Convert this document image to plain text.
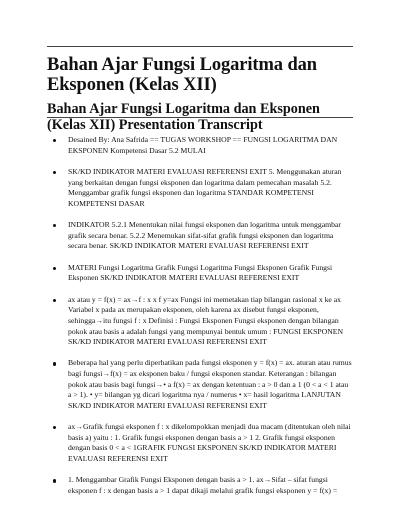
Bahan Ajar Fungsi Logaritma dan Eksponen (Kelas XII)
Bahan Ajar Fungsi Logaritma dan Eksponen (Kelas XII) Presentation Transcript
Desained By: Ana Safrida == TUGAS WORKSHOP == FUNGSI LOGARITMA DAN EKSPONEN Kompetensi Dasar 5.2 MULAI
SK/KD INDIKATOR MATERI EVALUASI REFERENSI EXIT 5. Menggunakan aturan yang berkaitan dengan fungsi eksponen dan logaritma dalam pemecahan masalah 5.2. Menggambar grafik fungsi eksponen dan logaritma STANDAR KOMPETENSI KOMPETENSI DASAR
INDIKATOR 5.2.1 Menentukan nilai fungsi eksponen dan logaritma untuk menggambar grafik secara benar. 5.2.2 Menemukan sifat-sifat grafik fungsi eksponen dan logaritma secara benar. SK/KD INDIKATOR MATERI EVALUASI REFERENSI EXIT
MATERI Fungsi Logaritma Grafik Fungsi Logaritma Fungsi Eksponen Grafik Fungsi Eksponen SK/KD INDIKATOR MATERI EVALUASI REFERENSI EXIT
ax atau y = f(x) = ax→f : x x f y=ax Fungsi ini memetakan tiap bilangan rasional x ke ax Variabel x pada ax merupakan eksponen, oleh karena ax disebut fungsi eksponen, sehingga→itu fungsi f : x Definisi : Fungsi Eksponen Fungsi eksponen dengan bilangan pokok atau basis a adalah fungsi yang mempunyai bentuk umum : FUNGSI EKSPONEN SK/KD INDIKATOR MATERI EVALUASI REFERENSI EXIT
Beberapa hal yang perlu diperhatikan pada fungsi eksponen y = f(x) = ax. aturan atau rumus bagi fungsi→f(x) = ax eksponen baku / fungsi eksponen standar. Keterangan : bilangan pokok atau basis bagi fungsi→• a f(x) = ax dengan ketentuan : a > 0 dan a 1 (0 < a < 1 atau a > 1). • y= bilangan yg dicari logaritma nya / numerus • x= hasil logaritma LANJUTAN SK/KD INDIKATOR MATERI EVALUASI REFERENSI EXIT
ax→Grafik fungsi eksponen f : x dikelompokkan menjadi dua macam (ditentukan oleh nilai basis a) yaitu : 1. Grafik fungsi eksponen dengan basis a > 1 2. Grafik fungsi eksponen dengan basis 0 < a < 1GRAFIK FUNGSI EKSPONEN SK/KD INDIKATOR MATERI EVALUASI REFERENSI EXIT
1. Menggambar Grafik Fungsi Eksponen dengan basis a > 1. ax→Sifat – sifat fungsi eksponen f : x dengan basis a > 1 dapat dikaji melalui grafik fungsi eksponen y = f(x) =
